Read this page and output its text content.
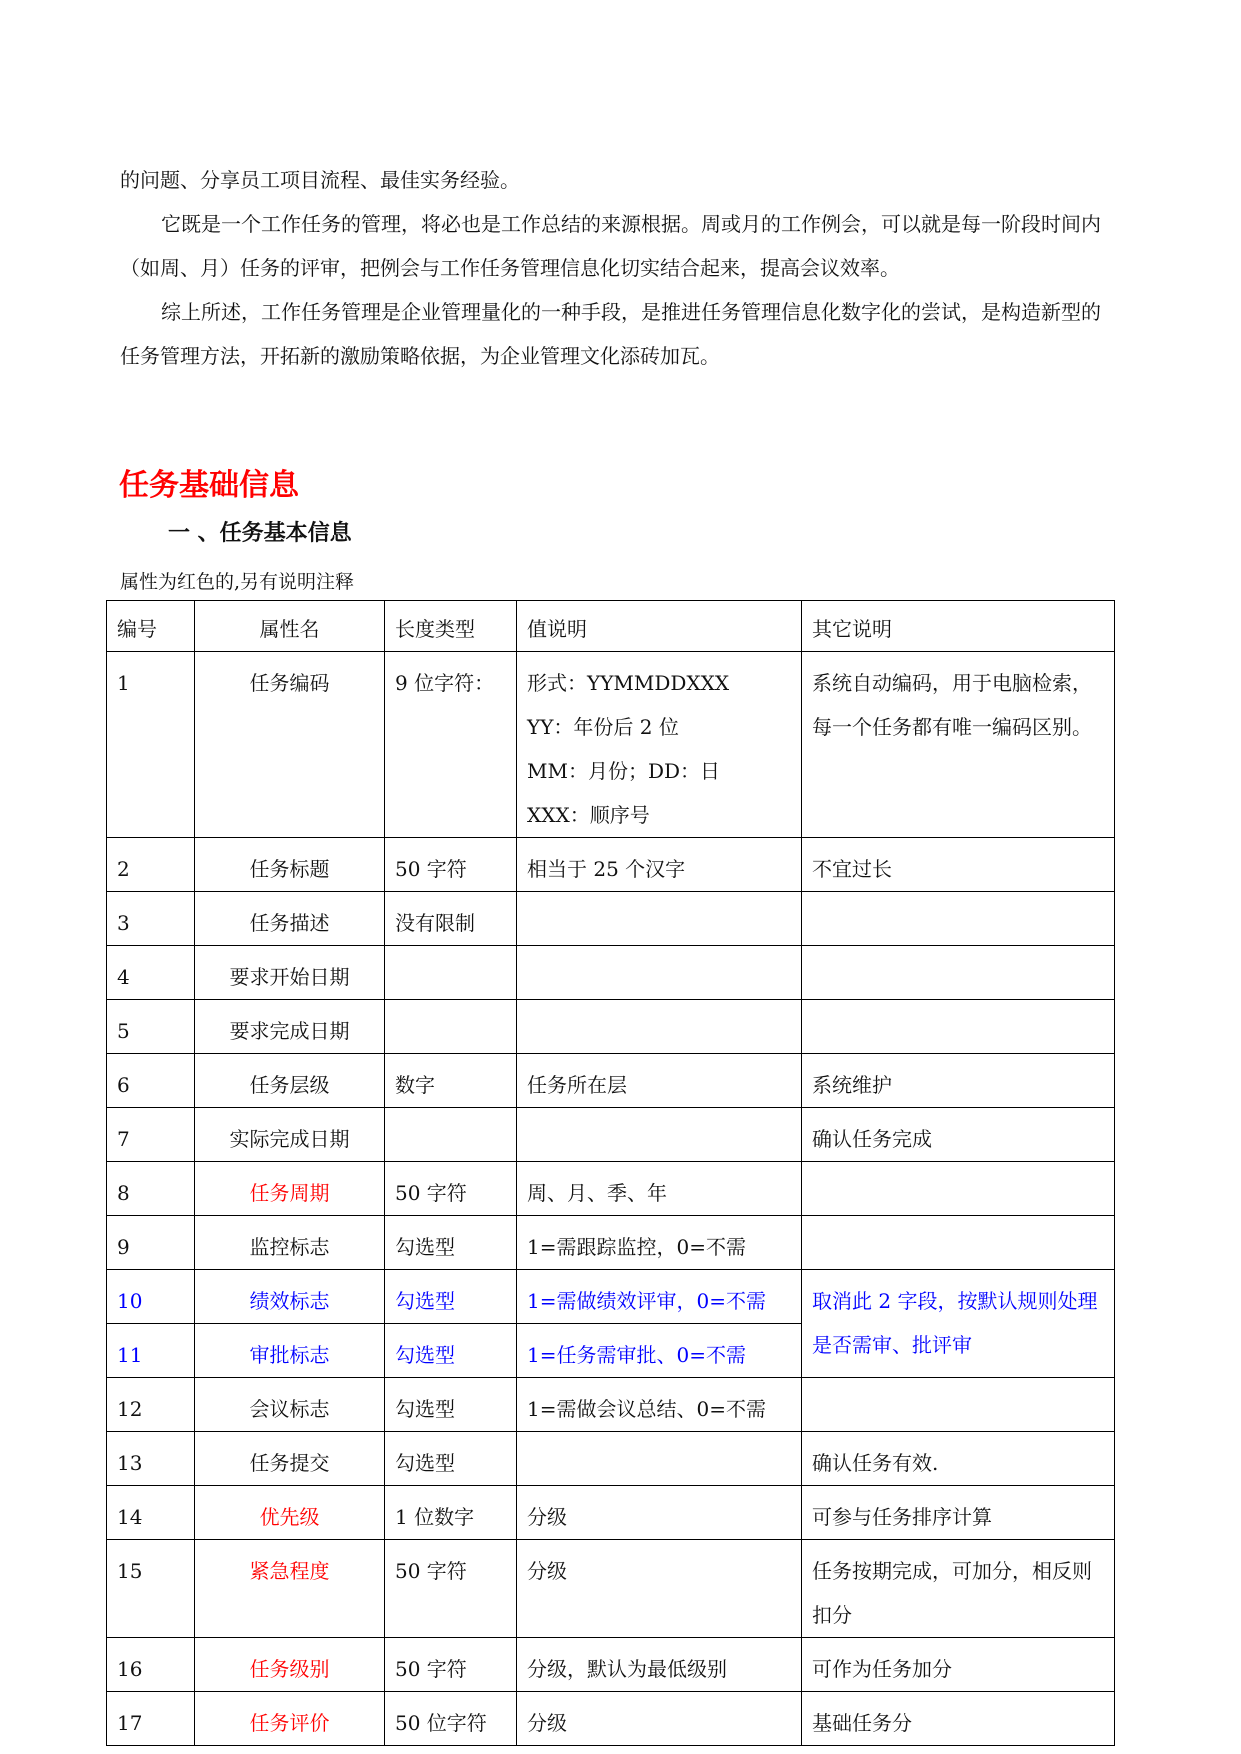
的问题、分享员工项目流程、最佳实务经验。

它既是一个工作任务的管理，将必也是工作总结的来源根据。周或月的工作例会，可以就是每一阶段时间内（如周、月）任务的评审，把例会与工作任务管理信息化切实结合起来，提高会议效率。

综上所述，工作任务管理是企业管理量化的一种手段，是推进任务管理信息化数字化的尝试，是构造新型的任务管理方法，开拓新的激励策略依据，为企业管理文化添砖加瓦。

任务基础信息
一 、任务基本信息

属性为红色的,另有说明注释

编号	属性名	长度类型	值说明	其它说明
1	任务编码	9 位字符：	形式：YYMMDDXXX
YY：年份后 2 位
MM：月份；DD：日
XXX：顺序号	系统自动编码，用于电脑检索，每一个任务都有唯一编码区别。
2	任务标题	50 字符	相当于 25 个汉字	不宜过长
3	任务描述	没有限制		
4	要求开始日期			
5	要求完成日期			
6	任务层级	数字	任务所在层	系统维护
7	实际完成日期			确认任务完成
8	任务周期	50 字符	周、月、季、年	
9	监控标志	勾选型	1=需跟踪监控，0=不需	
10	绩效标志	勾选型	1=需做绩效评审，0=不需	取消此 2 字段，按默认规则处理是否需审、批评审
11	审批标志	勾选型	1=任务需审批、0=不需	
12	会议标志	勾选型	1=需做会议总结、0=不需	
13	任务提交	勾选型		确认任务有效.
14	优先级	1 位数字	分级	可参与任务排序计算
15	紧急程度	50 字符	分级	任务按期完成，可加分，相反则扣分
16	任务级别	50 字符	分级，默认为最低级别	可作为任务加分
17	任务评价	50 位字符	分级	基础任务分
